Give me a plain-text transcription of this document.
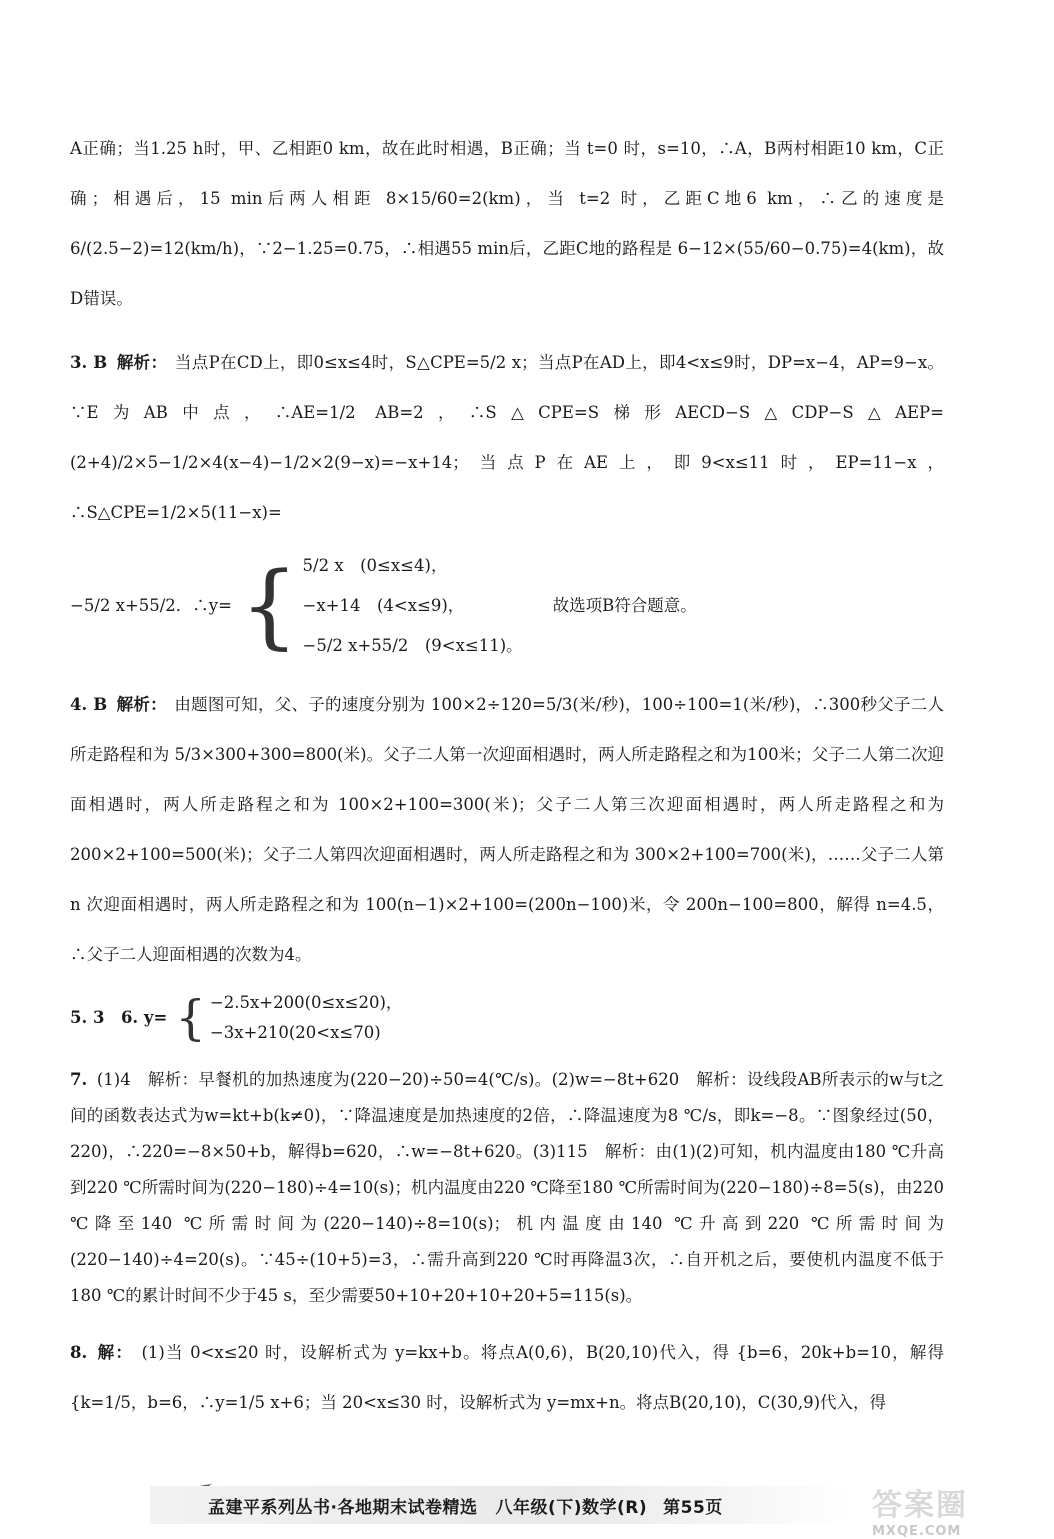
A正确；当1.25 h时，甲、乙相距0 km，故在此时相遇，B正确；当 t=0 时，s=10，∴A，B两村相距10 km，C正确；相遇后，15 min后两人相距 8×15/60=2(km)，当 t=2 时，乙距C地6 km，∴乙的速度是 6/(2.5−2)=12(km/h)，∵2−1.25=0.75，∴相遇55 min后，乙距C地的路程是 6−12×(55/60−0.75)=4(km)，故D错误。

3. B 解析： 当点P在CD上，即0≤x≤4时，S△CPE=5/2 x；当点P在AD上，即4<x≤9时，DP=x−4，AP=9−x。∵E为AB中点，∴AE=1/2 AB=2，∴S△CPE=S梯形AECD−S△CDP−S△AEP=(2+4)/2×5−1/2×4(x−4)−1/2×2(9−x)=−x+14；当点P在AE上，即9<x≤11时，EP=11−x，∴S△CPE=1/2×5(11−x)=

−5/2 x+55/2．∴y= { 5/2 x　(0≤x≤4)，
−x+14　(4<x≤9)，
−5/2 x+55/2　(9<x≤11)。
故选项B符合题意。

4. B 解析： 由题图可知，父、子的速度分别为 100×2÷120=5/3(米/秒)，100÷100=1(米/秒)，∴300秒父子二人所走路程和为 5/3×300+300=800(米)。父子二人第一次迎面相遇时，两人所走路程之和为100米；父子二人第二次迎面相遇时，两人所走路程之和为 100×2+100=300(米)；父子二人第三次迎面相遇时，两人所走路程之和为 200×2+100=500(米)；父子二人第四次迎面相遇时，两人所走路程之和为 300×2+100=700(米)，……父子二人第 n 次迎面相遇时，两人所走路程之和为 100(n−1)×2+100=(200n−100)米，令 200n−100=800，解得 n=4.5，∴父子二人迎面相遇的次数为4。

5. 3　6. y= { −2.5x+200(0≤x≤20)，
−3x+210(20<x≤70)

7. (1)4　解析：早餐机的加热速度为(220−20)÷50=4(℃/s)。(2)w=−8t+620　解析：设线段AB所表示的w与t之间的函数表达式为w=kt+b(k≠0)，∵降温速度是加热速度的2倍，∴降温速度为8 ℃/s，即k=−8。∵图象经过(50，220)，∴220=−8×50+b，解得b=620，∴w=−8t+620。(3)115　解析：由(1)(2)可知，机内温度由180 ℃升高到220 ℃所需时间为(220−180)÷4=10(s)；机内温度由220 ℃降至180 ℃所需时间为(220−180)÷8=5(s)，由220 ℃降至140 ℃所需时间为(220−140)÷8=10(s)；机内温度由140 ℃升高到220 ℃所需时间为(220−140)÷4=20(s)。∵45÷(10+5)=3，∴需升高到220 ℃时再降温3次，∴自开机之后，要使机内温度不低于180 ℃的累计时间不少于45 s，至少需要50+10+20+10+20+5=115(s)。

8. 解： (1)当 0<x≤20 时，设解析式为 y=kx+b。将点A(0,6)，B(20,10)代入，得 {b=6，20k+b=10，解得 {k=1/5，b=6，∴y=1/5 x+6；当 20<x≤30 时，设解析式为 y=mx+n。将点B(20,10)，C(30,9)代入，得

孟建平系列丛书·各地期末试卷精选 八年级(下)数学(R) 第55页	答案圈
MXQE.COM
